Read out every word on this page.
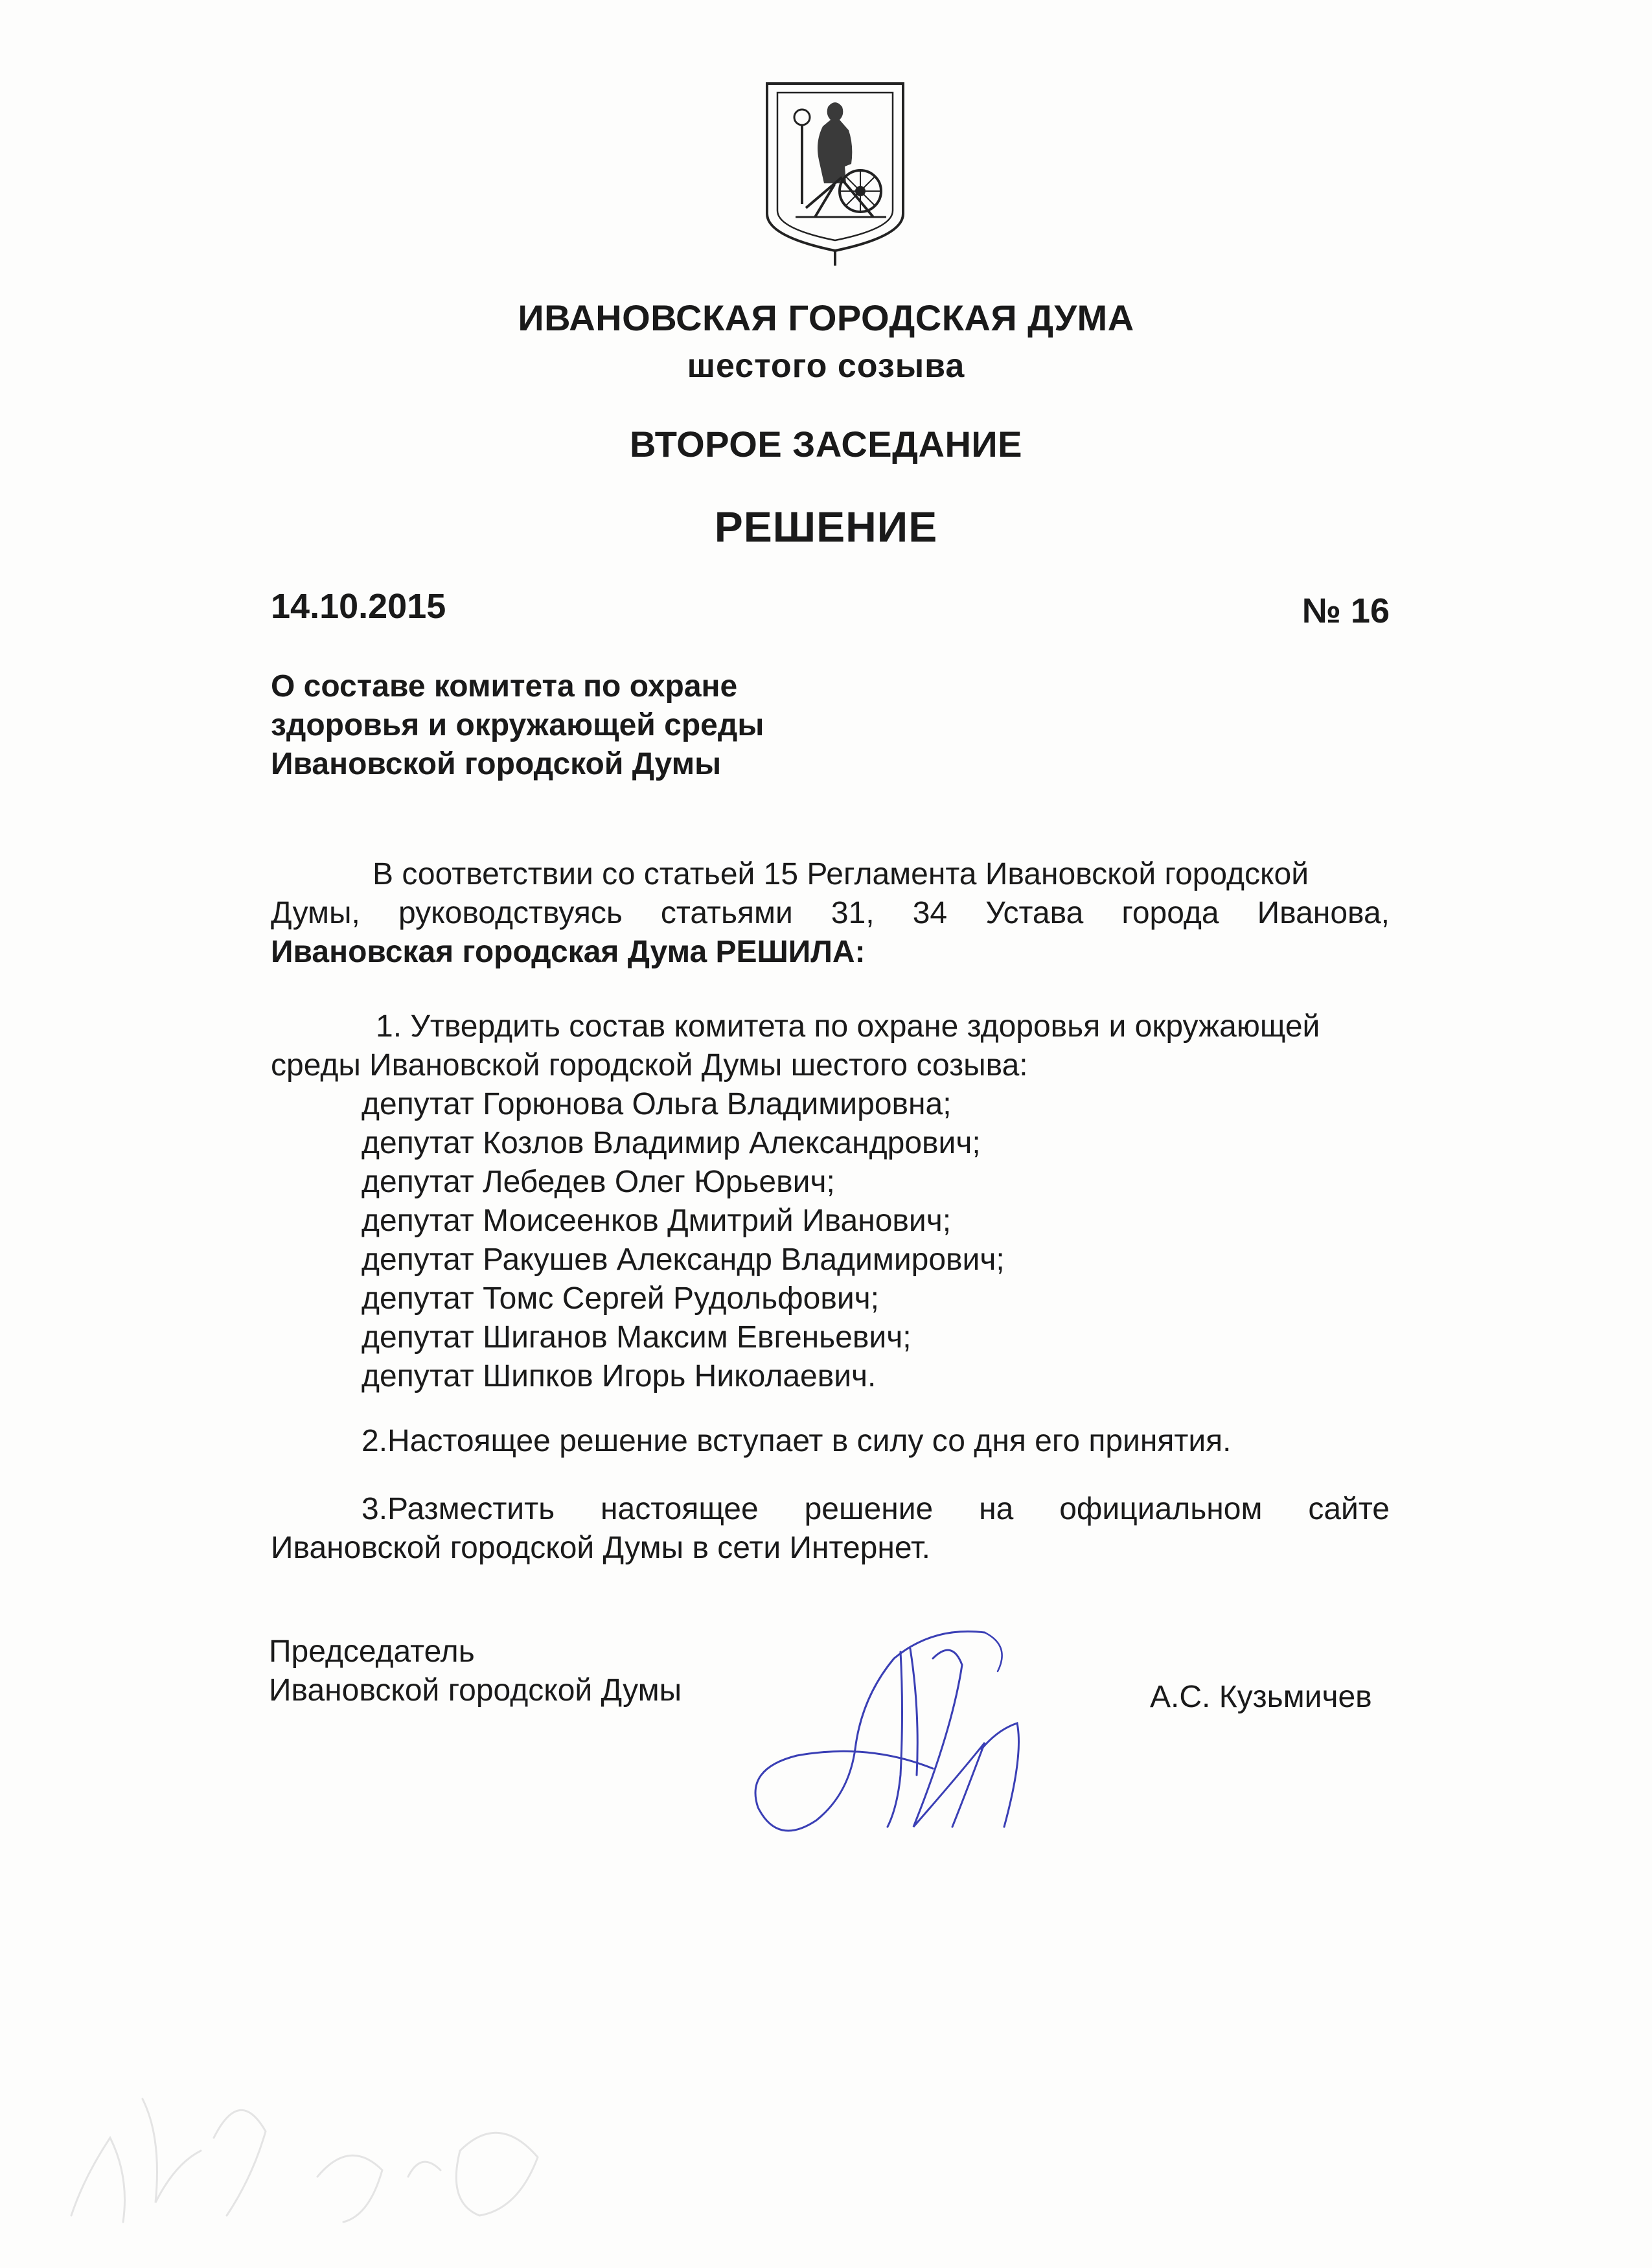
ИВАНОВСКАЯ ГОРОДСКАЯ ДУМА
шестого созыва
ВТОРОЕ ЗАСЕДАНИЕ
РЕШЕНИЕ
14.10.2015	№ 16
О составе комитета по охране
здоровья и окружающей среды
Ивановской городской Думы
В соответствии со статьей 15 Регламента Ивановской городской
Думы, руководствуясь статьями 31, 34 Устава города Иванова,
Ивановская городская Дума РЕШИЛА:
1. Утвердить состав комитета по охране здоровья и окружающей
среды Ивановской городской Думы шестого созыва:
депутат Горюнова Ольга Владимировна;
депутат Козлов Владимир Александрович;
депутат Лебедев Олег Юрьевич;
депутат Моисеенков Дмитрий Иванович;
депутат Ракушев Александр Владимирович;
депутат Томс Сергей Рудольфович;
депутат Шиганов Максим Евгеньевич;
депутат Шипков Игорь Николаевич.
2.Настоящее решение вступает в силу со дня его принятия.
3.Разместить настоящее решение на официальном сайте
Ивановской городской Думы в сети Интернет.
Председатель
Ивановской городской Думы	А.С. Кузьмичев
